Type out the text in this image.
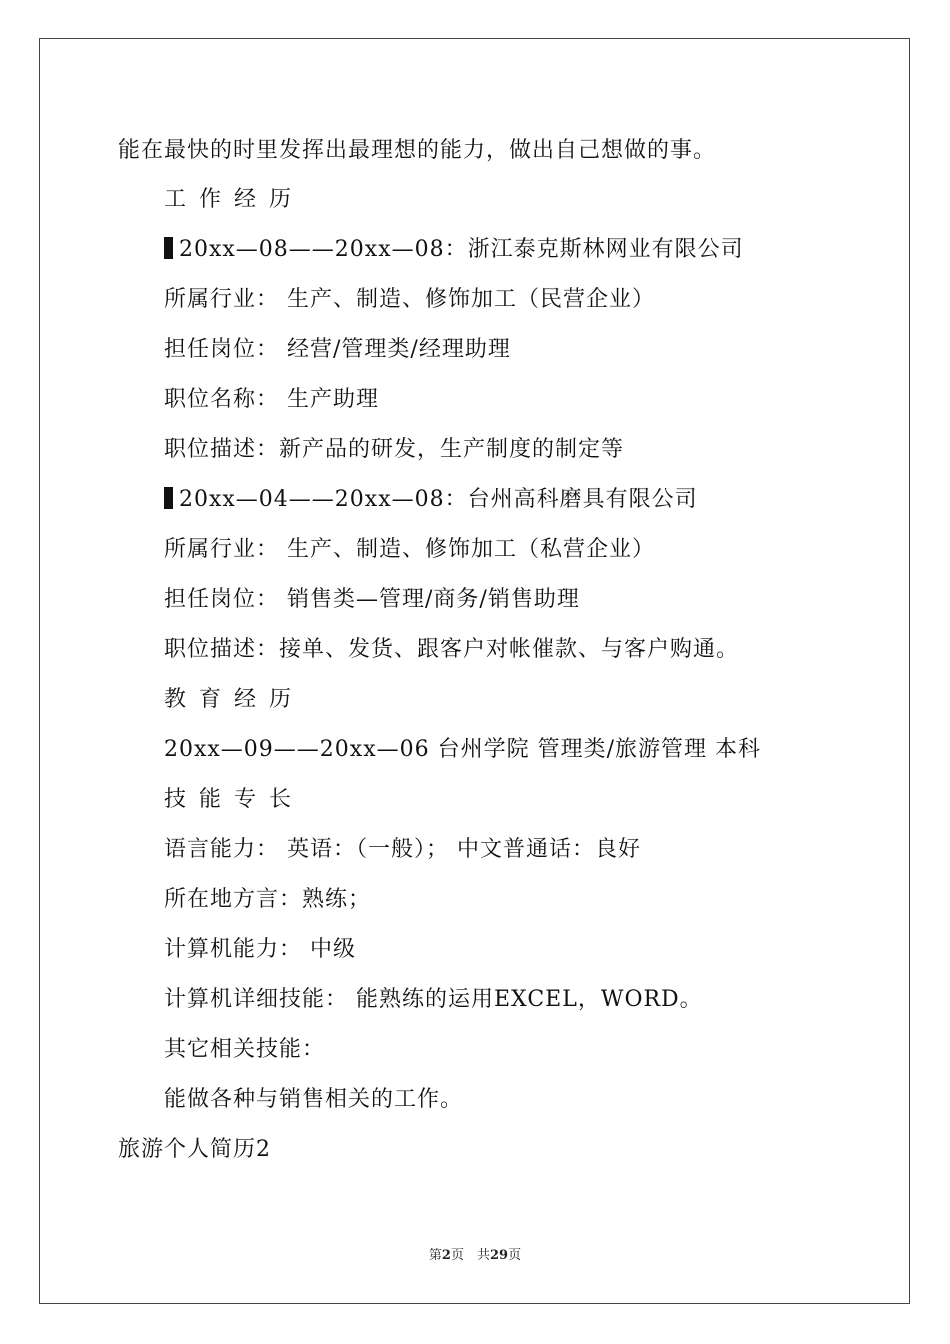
能在最快的时里发挥出最理想的能力，做出自己想做的事。
工作经历
20xx—08——20xx—08：浙江泰克斯林网业有限公司
所属行业： 生产、制造、修饰加工（民营企业）
担任岗位： 经营/管理类/经理助理
职位名称： 生产助理
职位描述：新产品的研发，生产制度的制定等
20xx—04——20xx—08：台州高科磨具有限公司
所属行业： 生产、制造、修饰加工（私营企业）
担任岗位： 销售类—管理/商务/销售助理
职位描述：接单、发货、跟客户对帐催款、与客户购通。
教育经历
20xx—09——20xx—06 台州学院 管理类/旅游管理 本科
技能专长
语言能力： 英语：（一般）； 中文普通话：良好
所在地方言：熟练；
计算机能力： 中级
计算机详细技能： 能熟练的运用EXCEL，WORD。
其它相关技能：
能做各种与销售相关的工作。
旅游个人简历2
第2页　共29页
